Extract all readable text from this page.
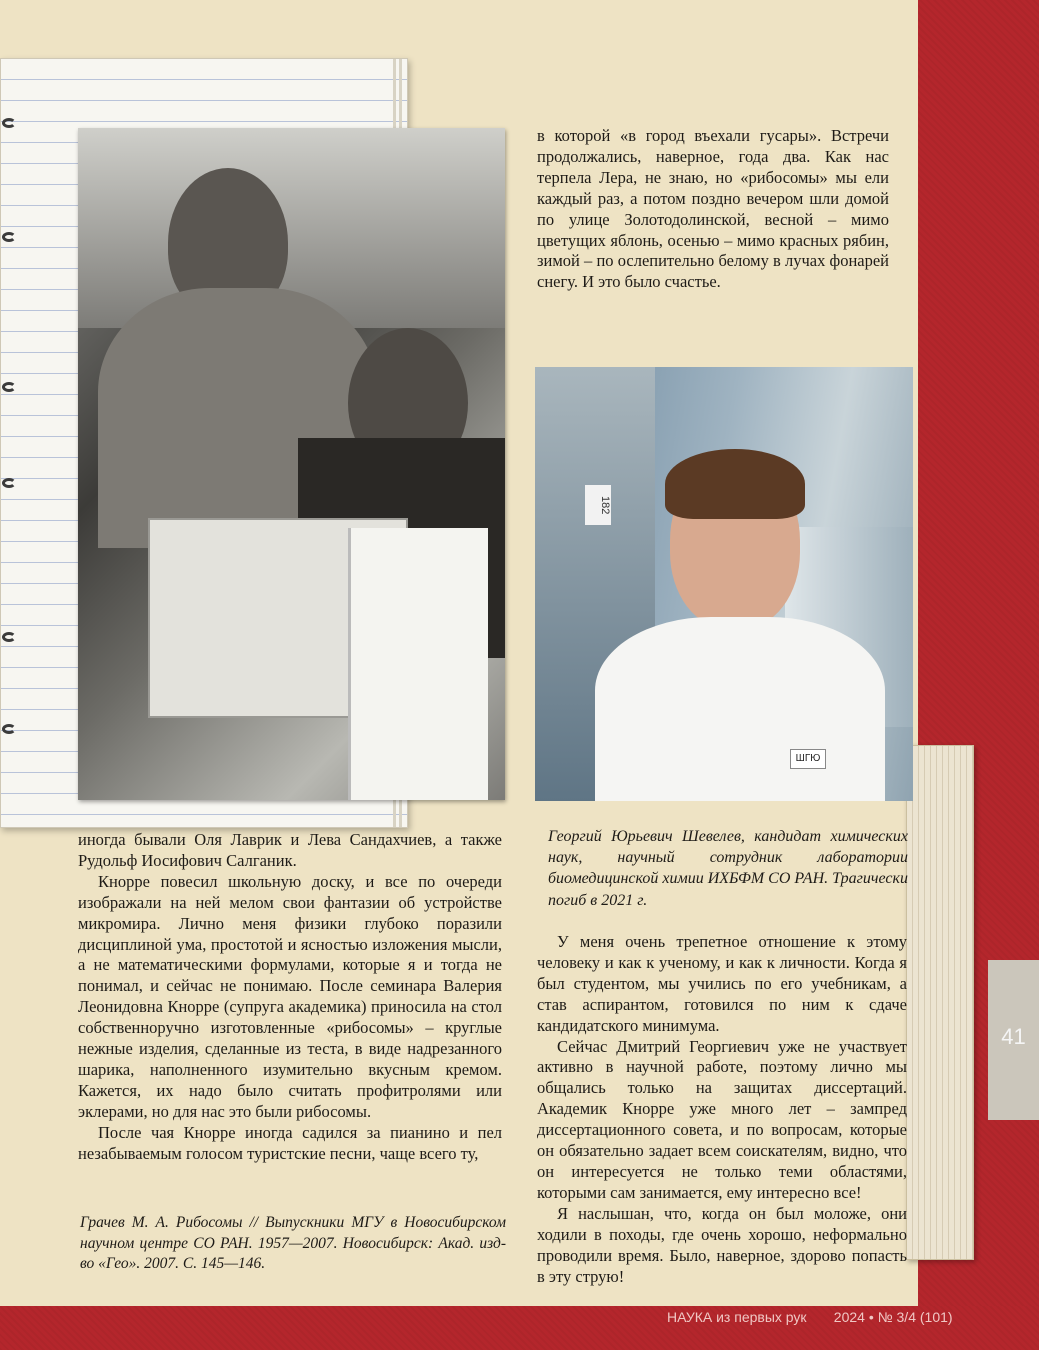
182
ШГЮ

в которой «в город въехали гусары». Встречи продолжались, наверное, года два. Как нас терпела Лера, не знаю, но «рибосомы» мы ели каждый раз, а потом поздно вечером шли домой по улице Золотодолинской, весной – мимо цветущих яблонь, осенью – мимо красных рябин, зимой – по ослепительно белому в лучах фонарей снегу. И это было счастье.

Георгий Юрьевич Шевелев, кандидат химических наук, научный сотрудник лаборатории биомедицинской химии ИХБФМ СО РАН. Трагически погиб в 2021 г.

иногда бывали Оля Лаврик и Лева Сандахчиев, а также Рудольф Иосифович Салганик.

Кнорре повесил школьную доску, и все по очереди изображали на ней мелом свои фантазии об устройстве микромира. Лично меня физики глубоко поразили дисциплиной ума, простотой и ясностью изложения мысли, а не математическими формулами, которые я и тогда не понимал, и сейчас не понимаю. После семинара Валерия Леонидовна Кнорре (супруга академика) приносила на стол собственноручно изготовленные «рибосомы» – круглые нежные изделия, сделанные из теста, в виде надрезанного шарика, наполненного изумительно вкусным кремом. Кажется, их надо было считать профитролями или эклерами, но для нас это были рибосомы.

После чая Кнорре иногда садился за пианино и пел незабываемым голосом туристские песни, чаще всего ту,

Грачев М. А. Рибосомы // Выпускники МГУ в Новосибирском научном центре СО РАН. 1957—2007. Новосибирск: Акад. изд-во «Гео». 2007. С. 145—146.

У меня очень трепетное отношение к этому человеку и как к ученому, и как к личности. Когда я был студентом, мы учились по его учебникам, а став аспирантом, готовился по ним к сдаче кандидатского минимума.

Сейчас Дмитрий Георгиевич уже не участвует активно в научной работе, поэтому лично мы общались только на защитах диссертаций. Академик Кнорре уже много лет – зампред диссертационного совета, и по вопросам, которые он обязательно задает всем соискателям, видно, что он интересуется не только теми областями, которыми сам занимается, ему интересно все!

Я наслышан, что, когда он был моложе, они ходили в походы, где очень хорошо, неформально проводили время. Было, наверное, здорово попасть в эту струю!

41
НАУКА из первых рук 2024 • № 3/4 (101)
